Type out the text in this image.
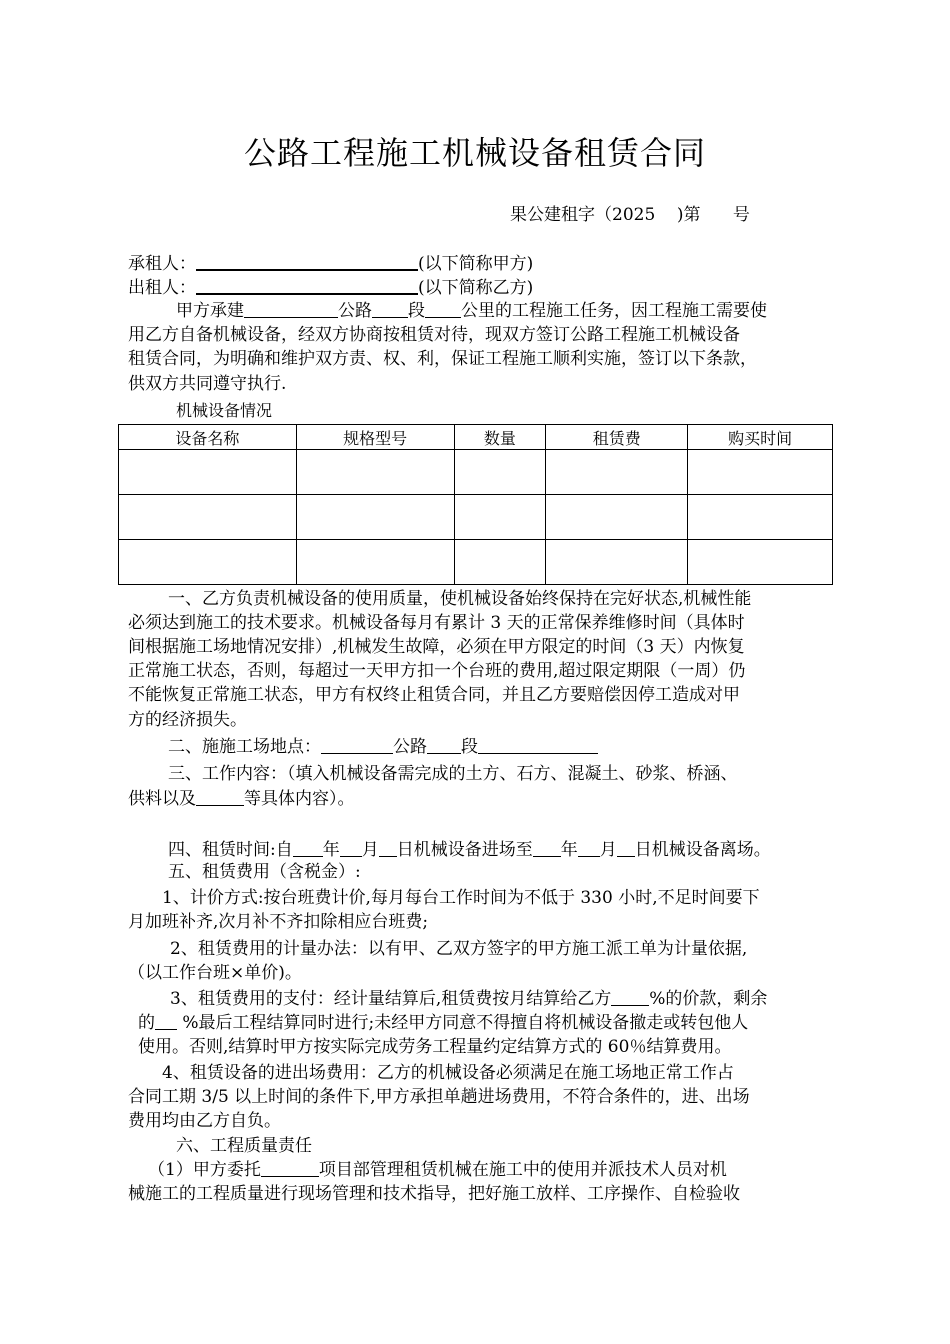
公路工程施工机械设备租赁合同
果公建租字（2025    )第      号
承租人：	(以下简称甲方)
出租人：	(以下简称乙方)
甲方承建	公路 段 公里的工程施工任务，因工程施工需要使
用乙方自备机械设备，经双方协商按租赁对待，现双方签订公路工程施工机械设备
租赁合同，为明确和维护双方责、权、利，保证工程施工顺利实施，签订以下条款，
供双方共同遵守执行.
机械设备情况
设备名称	规格型号	数量	租赁费	购买时间

一、乙方负责机械设备的使用质量，使机械设备始终保持在完好状态,机械性能
必须达到施工的技术要求。机械设备每月有累计 3 天的正常保养维修时间（具体时
间根据施工场地情况安排）,机械发生故障，必须在甲方限定的时间（3 天）内恢复
正常施工状态，否则，每超过一天甲方扣一个台班的费用,超过限定期限（一周）仍
不能恢复正常施工状态，甲方有权终止租赁合同，并且乙方要赔偿因停工造成对甲
方的经济损失。
二、施施工场地点：	公路 段
三、工作内容：（填入机械设备需完成的土方、石方、混凝土、砂浆、桥涵、
供料以及	等具体内容）。
四、租赁时间:自 年 月 日机械设备进场至 年 月 日机械设备离场。
五、租赁费用（含税金）:
1、计价方式:按台班费计价,每月每台工作时间为不低于 330 小时,不足时间要下
月加班补齐,次月补不齐扣除相应台班费;
2、租赁费用的计量办法：以有甲、乙双方签字的甲方施工派工单为计量依据,
（以工作台班×单价)。
3、租赁费用的支付：经计量结算后,租赁费按月结算给乙方 %的价款，剩余
的 %最后工程结算同时进行;未经甲方同意不得擅自将机械设备撤走或转包他人
使用。否则,结算时甲方按实际完成劳务工程量约定结算方式的 60％结算费用。
4、租赁设备的进出场费用：乙方的机械设备必须满足在施工场地正常工作占
合同工期 3/5 以上时间的条件下,甲方承担单趟进场费用，不符合条件的，进、出场
费用均由乙方自负。
六、工程质量责任
（1）甲方委托	项目部管理租赁机械在施工中的使用并派技术人员对机
械施工的工程质量进行现场管理和技术指导，把好施工放样、工序操作、自检验收
